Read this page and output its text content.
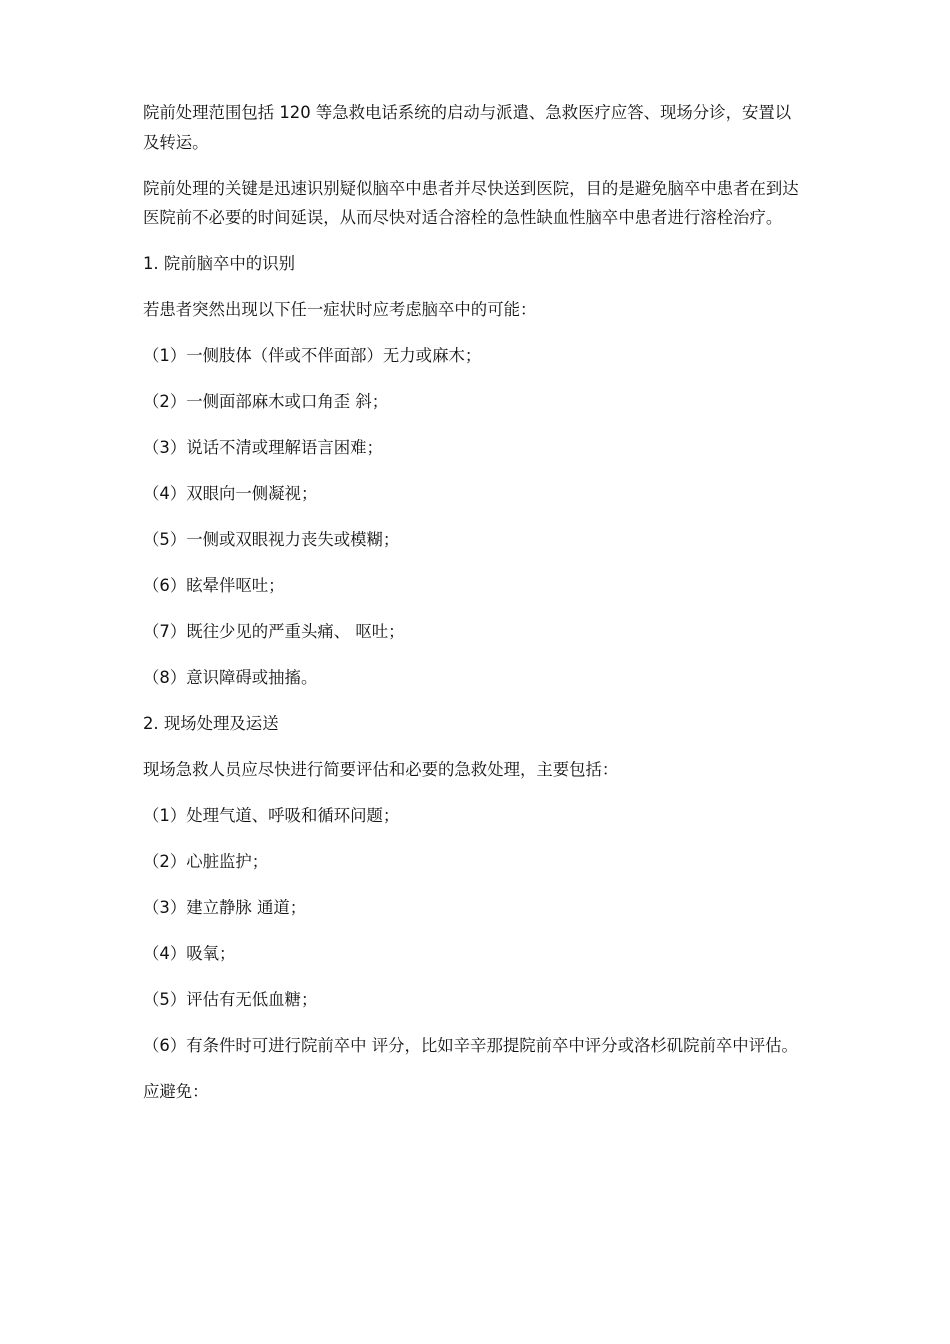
院前处理范围包括 120 等急救电话系统的启动与派遣、急救医疗应答、现场分诊，安置以及转运。

院前处理的关键是迅速识别疑似脑卒中患者并尽快送到医院，目的是避免脑卒中患者在到达医院前不必要的时间延误，从而尽快对适合溶栓的急性缺血性脑卒中患者进行溶栓治疗。

1. 院前脑卒中的识别

若患者突然出现以下任一症状时应考虑脑卒中的可能：

（1）一侧肢体（伴或不伴面部）无力或麻木；

（2）一侧面部麻木或口角歪 斜；

（3）说话不清或理解语言困难；

（4）双眼向一侧凝视；

（5）一侧或双眼视力丧失或模糊；

（6）眩晕伴呕吐；

（7）既往少见的严重头痛、 呕吐；

（8）意识障碍或抽搐。

2. 现场处理及运送

现场急救人员应尽快进行简要评估和必要的急救处理，主要包括：

（1）处理气道、呼吸和循环问题；

（2）心脏监护；

（3）建立静脉 通道；

（4）吸氧；

（5）评估有无低血糖；

（6）有条件时可进行院前卒中 评分，比如辛辛那提院前卒中评分或洛杉矶院前卒中评估。

应避免：
